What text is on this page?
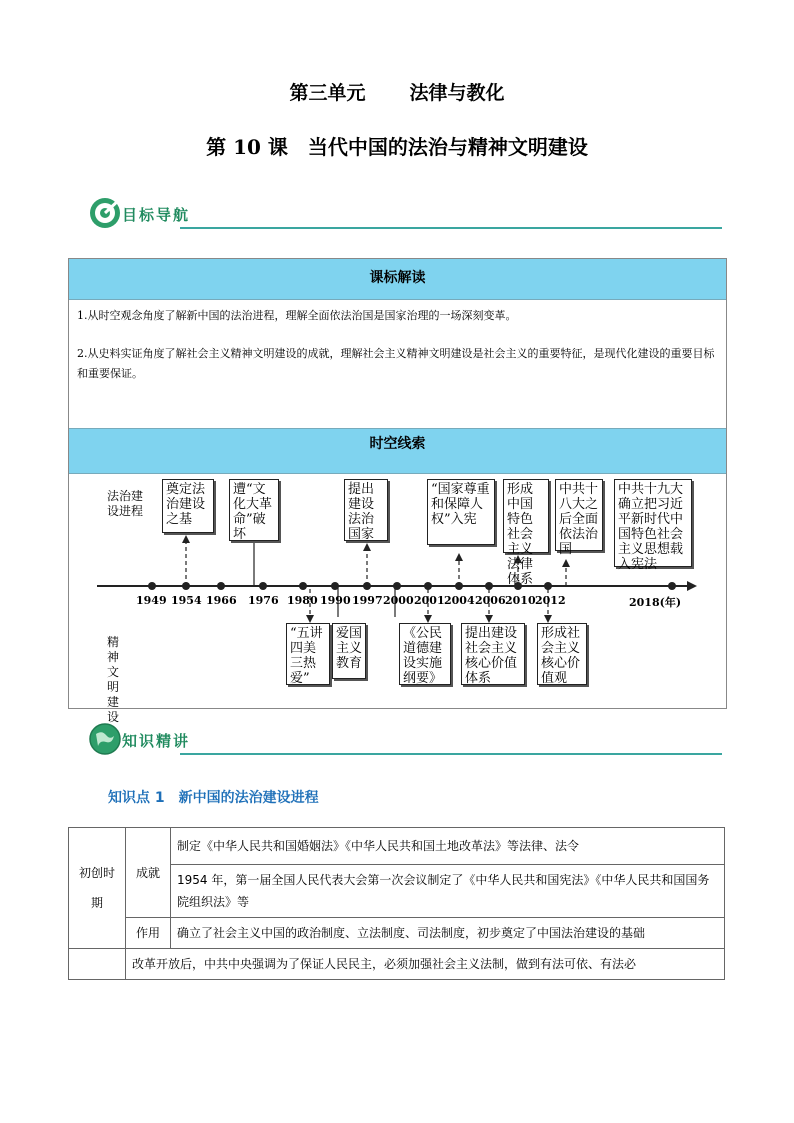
第三单元 法律与教化
第 10 课　当代中国的法治与精神文明建设
目标导航
课标解读
1.从时空观念角度了解新中国的法治进程，理解全面依法治国是国家治理的一场深刻变革。
2.从史料实证角度了解社会主义精神文明建设的成就，理解社会主义精神文明建设是社会主义的重要特征，是现代化建设的重要目标和重要保证。
时空线索
法治建设进程
精神文明建设
1949 1954 1966 1976 1980 1990 1997 2000 2001 2004 2006 2010 2012	2018(年)
奠定法治建设之基
遭“文化大革命”破坏
提出建设法治国家
“国家尊重和保障人权”入宪
形成中国特色社会主义法律体系
中共十八大之后全面依法治国
中共十九大确立把习近平新时代中国特色社会主义思想载入宪法
“五讲四美三热爱”
爱国主义教育
《公民道德建设实施纲要》
提出建设社会主义核心价值体系
形成社会主义核心价值观
知识精讲
知识点 1　新中国的法治建设进程
初创时期	成就	制定《中华人民共和国婚姻法》《中华人民共和国土地改革法》等法律、法令
		1954 年，第一届全国人民代表大会第一次会议制定了《中华人民共和国宪法》《中华人民共和国国务院组织法》等
	作用	确立了社会主义中国的政治制度、立法制度、司法制度，初步奠定了中国法治建设的基础
	改革开放后，中共中央强调为了保证人民民主，必须加强社会主义法制，做到有法可依、有法必	
